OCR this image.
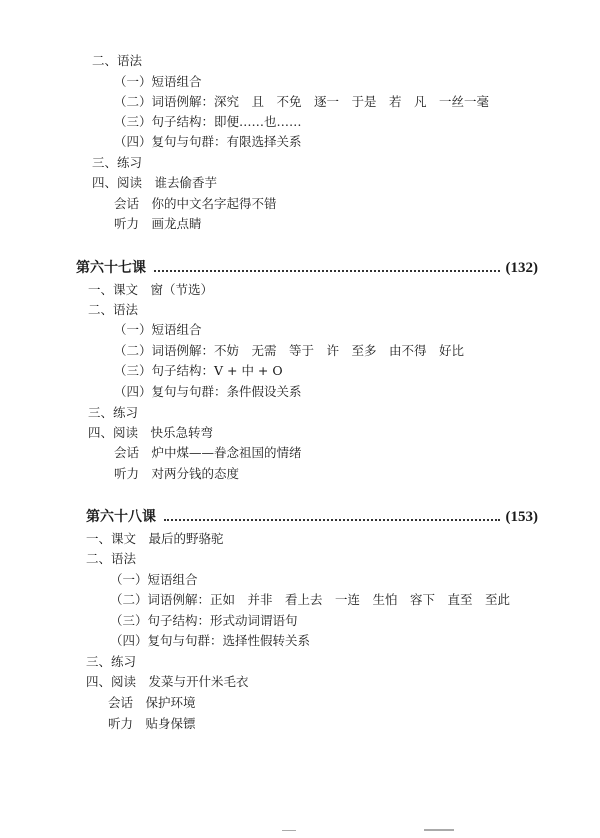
二、语法
（一）短语组合
（二）词语例解：深究　且　不免　逐一　于是　若　凡　一丝一毫
（三）句子结构：即便……也……
（四）复句与句群：有限选择关系
三、练习
四、阅读　谁去偷香芋
会话　你的中文名字起得不错
听力　画龙点睛
第六十七课	(132)
一、课文　窗（节选）
二、语法
（一）短语组合
（二）词语例解：不妨　无需　等于　许　至多　由不得　好比
（三）句子结构：V + 中 + O
（四）复句与句群：条件假设关系
三、练习
四、阅读　快乐急转弯
会话　炉中煤——眷念祖国的情绪
听力　对两分钱的态度
第六十八课	(153)
一、课文　最后的野骆驼
二、语法
（一）短语组合
（二）词语例解：正如　并非　看上去　一连　生怕　容下　直至　至此
（三）句子结构：形式动词谓语句
（四）复句与句群：选择性假转关系
三、练习
四、阅读　发菜与开什米毛衣
会话　保护环境
听力　贴身保镖
